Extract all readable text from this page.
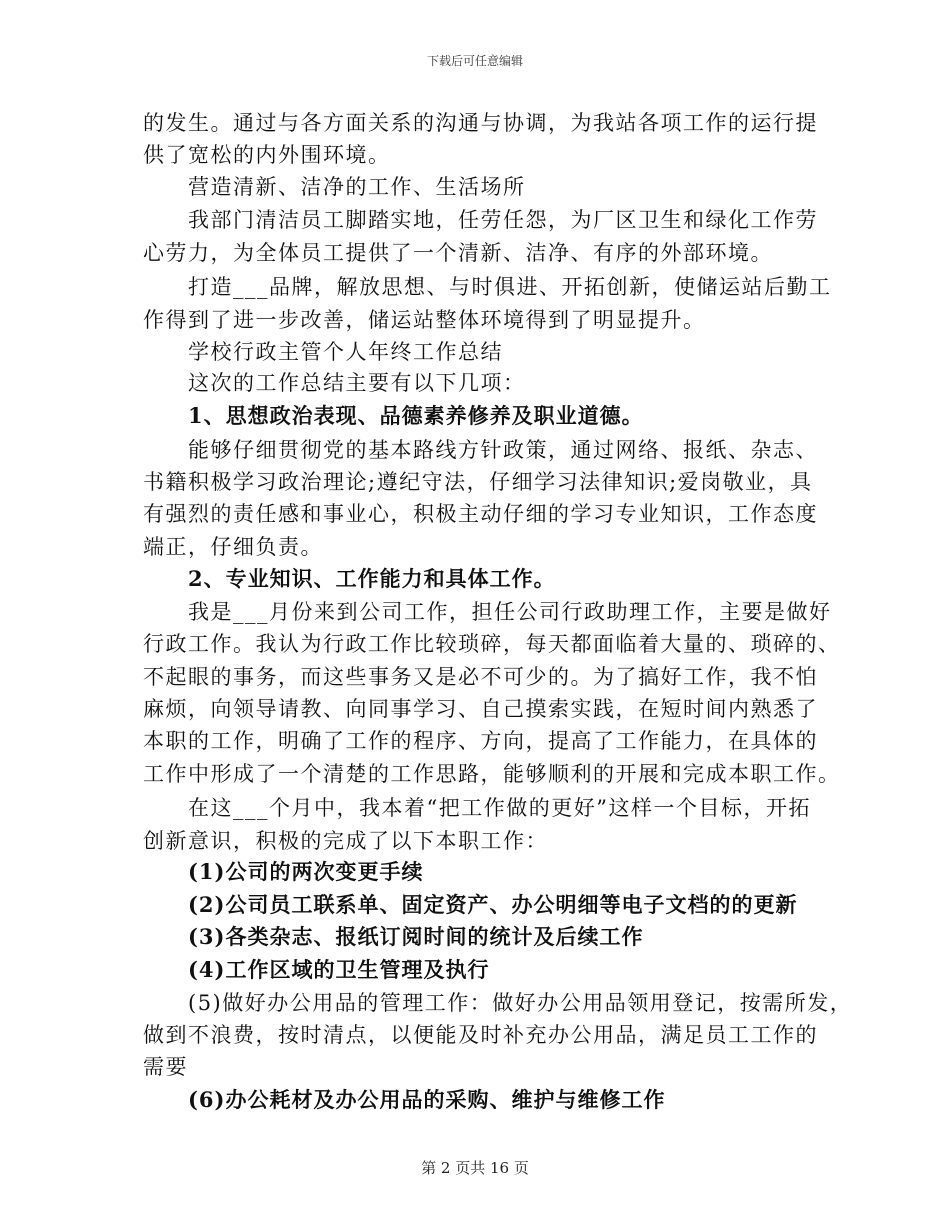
下载后可任意编辑
的发生。通过与各方面关系的沟通与协调，为我站各项工作的运行提
供了宽松的内外围环境。
营造清新、洁净的工作、生活场所
我部门清洁员工脚踏实地，任劳任怨，为厂区卫生和绿化工作劳
心劳力，为全体员工提供了一个清新、洁净、有序的外部环境。
打造___品牌，解放思想、与时俱进、开拓创新，使储运站后勤工
作得到了进一步改善，储运站整体环境得到了明显提升。
学校行政主管个人年终工作总结
这次的工作总结主要有以下几项：
1、思想政治表现、品德素养修养及职业道德。
能够仔细贯彻党的基本路线方针政策，通过网络、报纸、杂志、
书籍积极学习政治理论;遵纪守法，仔细学习法律知识;爱岗敬业，具
有强烈的责任感和事业心，积极主动仔细的学习专业知识，工作态度
端正，仔细负责。
2、专业知识、工作能力和具体工作。
我是___月份来到公司工作，担任公司行政助理工作，主要是做好
行政工作。我认为行政工作比较琐碎，每天都面临着大量的、琐碎的、
不起眼的事务，而这些事务又是必不可少的。为了搞好工作，我不怕
麻烦，向领导请教、向同事学习、自己摸索实践，在短时间内熟悉了
本职的工作，明确了工作的程序、方向，提高了工作能力，在具体的
工作中形成了一个清楚的工作思路，能够顺利的开展和完成本职工作。
在这___个月中，我本着“把工作做的更好”这样一个目标，开拓
创新意识，积极的完成了以下本职工作：
(1)公司的两次变更手续
(2)公司员工联系单、固定资产、办公明细等电子文档的的更新
(3)各类杂志、报纸订阅时间的统计及后续工作
(4)工作区域的卫生管理及执行
(5)做好办公用品的管理工作：做好办公用品领用登记，按需所发，
做到不浪费，按时清点，以便能及时补充办公用品，满足员工工作的
需要
(6)办公耗材及办公用品的采购、维护与维修工作
第 2 页共 16 页
